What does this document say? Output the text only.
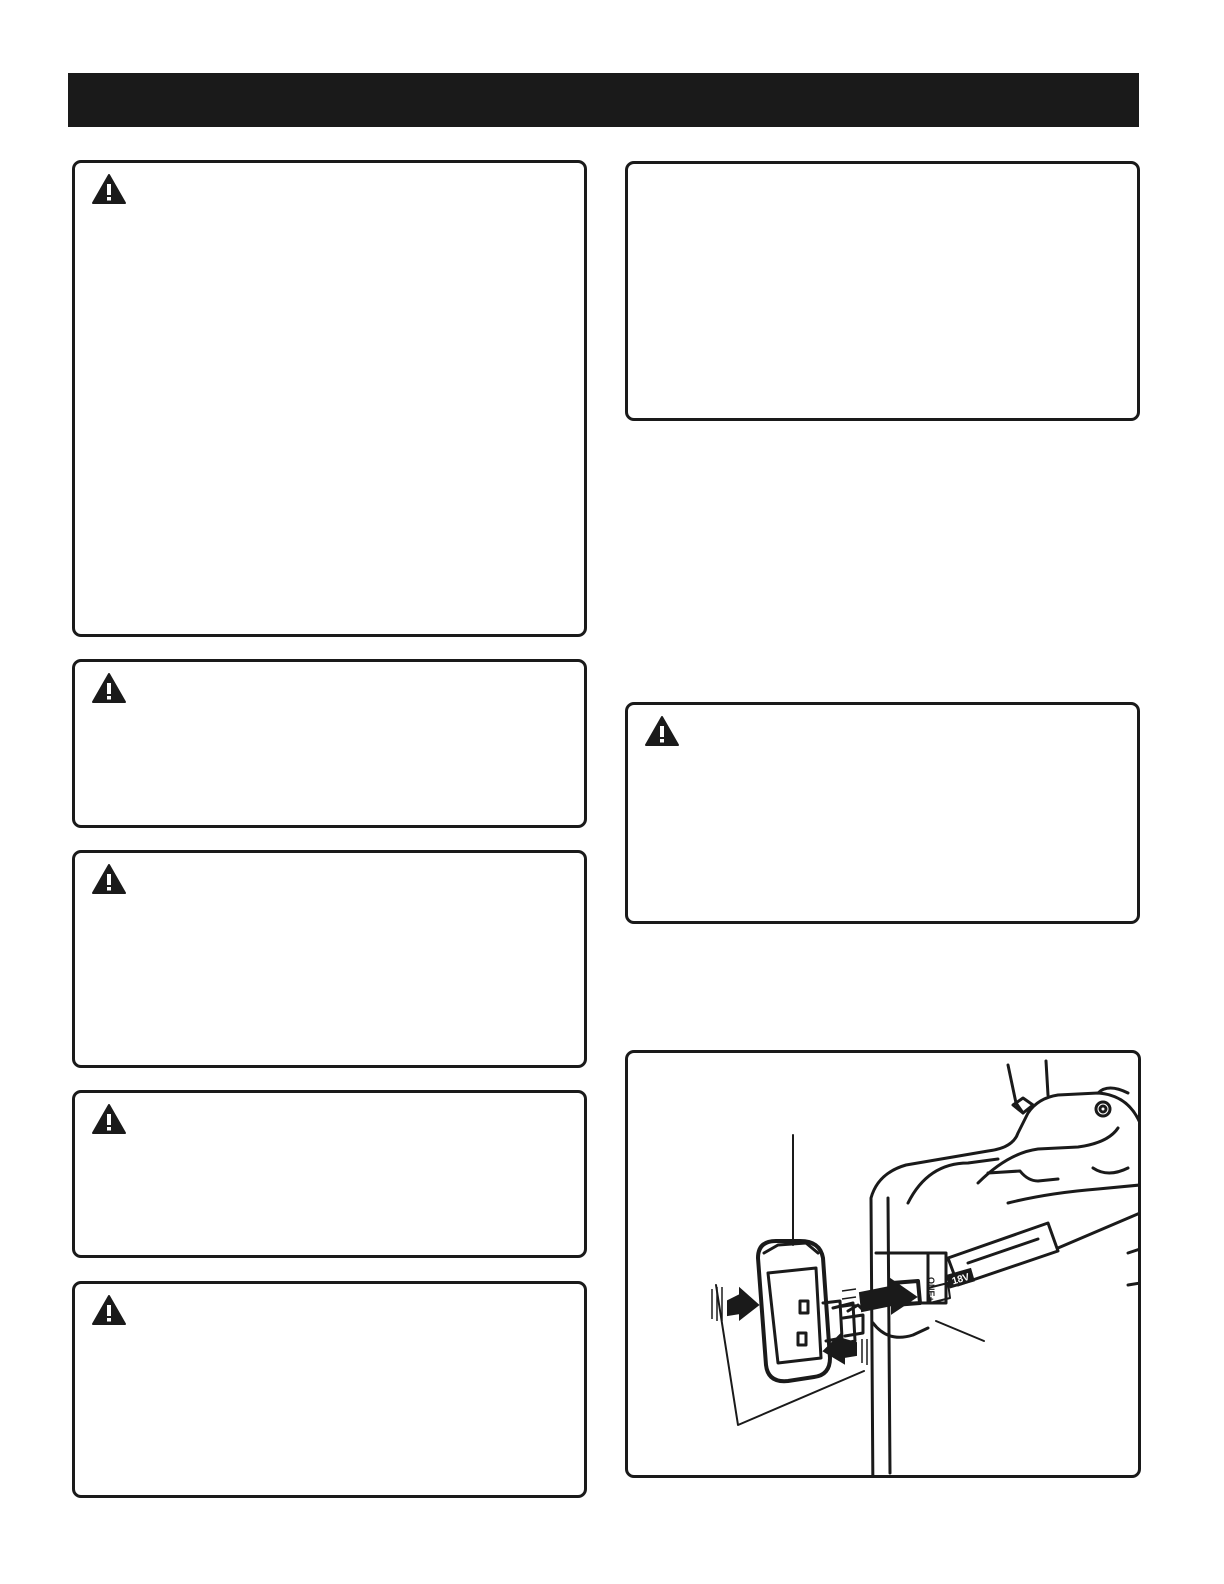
18V
ONE+
